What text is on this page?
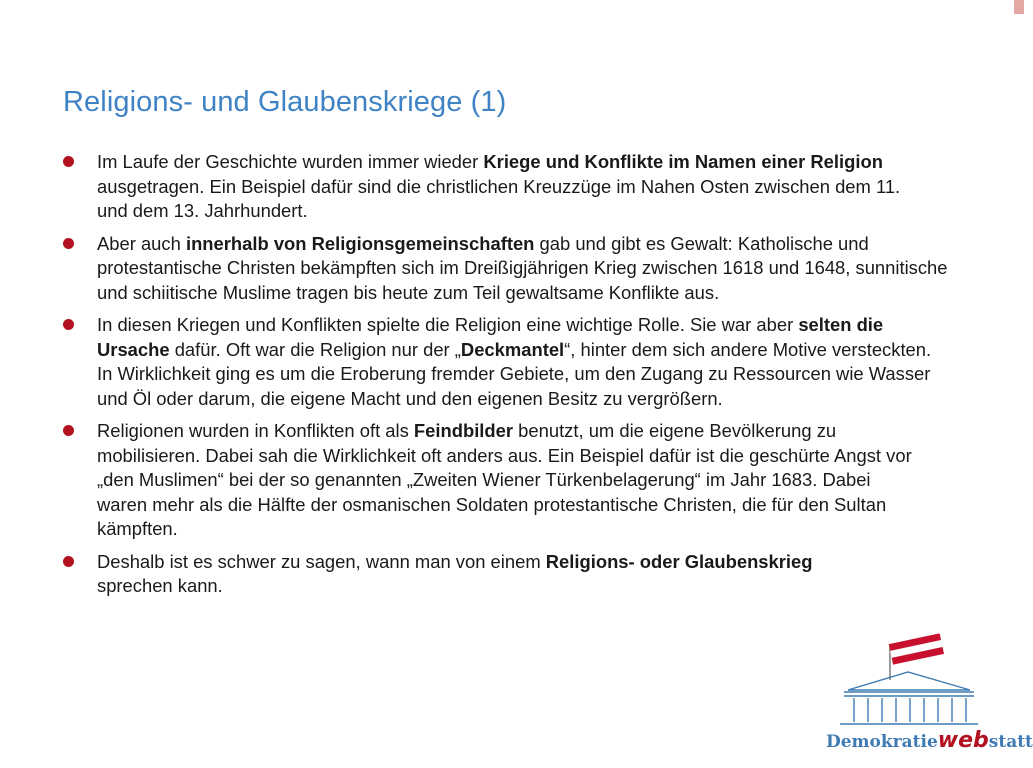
Religions- und Glaubenskriege (1)
Im Laufe der Geschichte wurden immer wieder Kriege und Konflikte im Namen einer Religion ausgetragen. Ein Beispiel dafür sind die christlichen Kreuzzüge im Nahen Osten zwischen dem 11. und dem 13. Jahrhundert.
Aber auch innerhalb von Religionsgemeinschaften gab und gibt es Gewalt: Katholische und protestantische Christen bekämpften sich im Dreißigjährigen Krieg zwischen 1618 und 1648, sunnitische und schiitische Muslime tragen bis heute zum Teil gewaltsame Konflikte aus.
In diesen Kriegen und Konflikten spielte die Religion eine wichtige Rolle. Sie war aber selten die Ursache dafür. Oft war die Religion nur der „Deckmantel“, hinter dem sich andere Motive versteckten. In Wirklichkeit ging es um die Eroberung fremder Gebiete, um den Zugang zu Ressourcen wie Wasser und Öl oder darum, die eigene Macht und den eigenen Besitz zu vergrößern.
Religionen wurden in Konflikten oft als Feindbilder benutzt, um die eigene Bevölkerung zu mobilisieren. Dabei sah die Wirklichkeit oft anders aus. Ein Beispiel dafür ist die geschürte Angst vor „den Muslimen“ bei der so genannten „Zweiten Wiener Türkenbelagerung“ im Jahr 1683. Dabei waren mehr als die Hälfte der osmanischen Soldaten protestantische Christen, die für den Sultan kämpften.
Deshalb ist es schwer zu sagen, wann man von einem Religions- oder Glaubenskrieg sprechen kann.
Demokratiewebstatt
